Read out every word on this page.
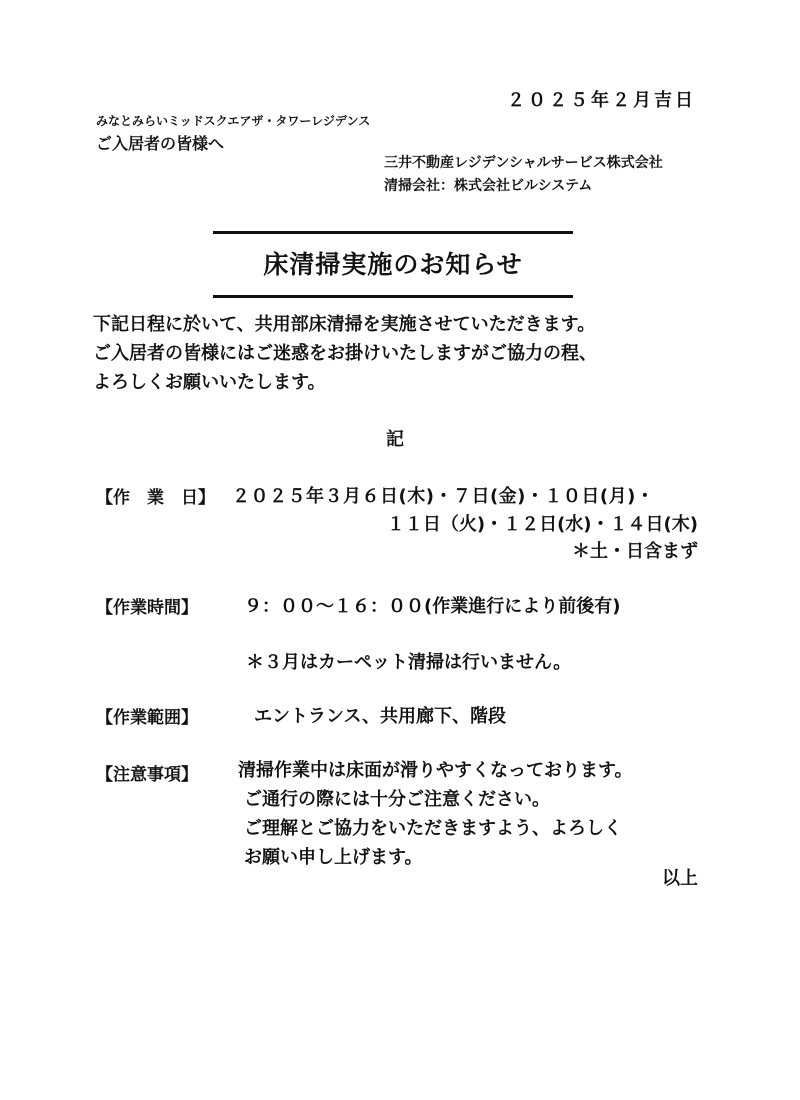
２０２５年２月吉日
みなとみらいミッドスクエアザ・タワーレジデンス
ご入居者の皆様へ
三井不動産レジデンシャルサービス株式会社
清掃会社：株式会社ビルシステム
床清掃実施のお知らせ
下記日程に於いて、共用部床清掃を実施させていただきます。
ご入居者の皆様にはご迷惑をお掛けいたしますがご協力の程、
よろしくお願いいたします。
記
【作　業　日】 ２０２５年３月６日(木)・７日(金)・１０日(月)・
１１日（火)・１２日(水)・１４日(木)
＊土・日含まず
【作業時間】	９：００～１６：００(作業進行により前後有)
＊３月はカーペット清掃は行いません。
【作業範囲】	エントランス、共用廊下、階段
【注意事項】 清掃作業中は床面が滑りやすくなっております。
ご通行の際には十分ご注意ください。
ご理解とご協力をいただきますよう、よろしく
お願い申し上げます。
以上
